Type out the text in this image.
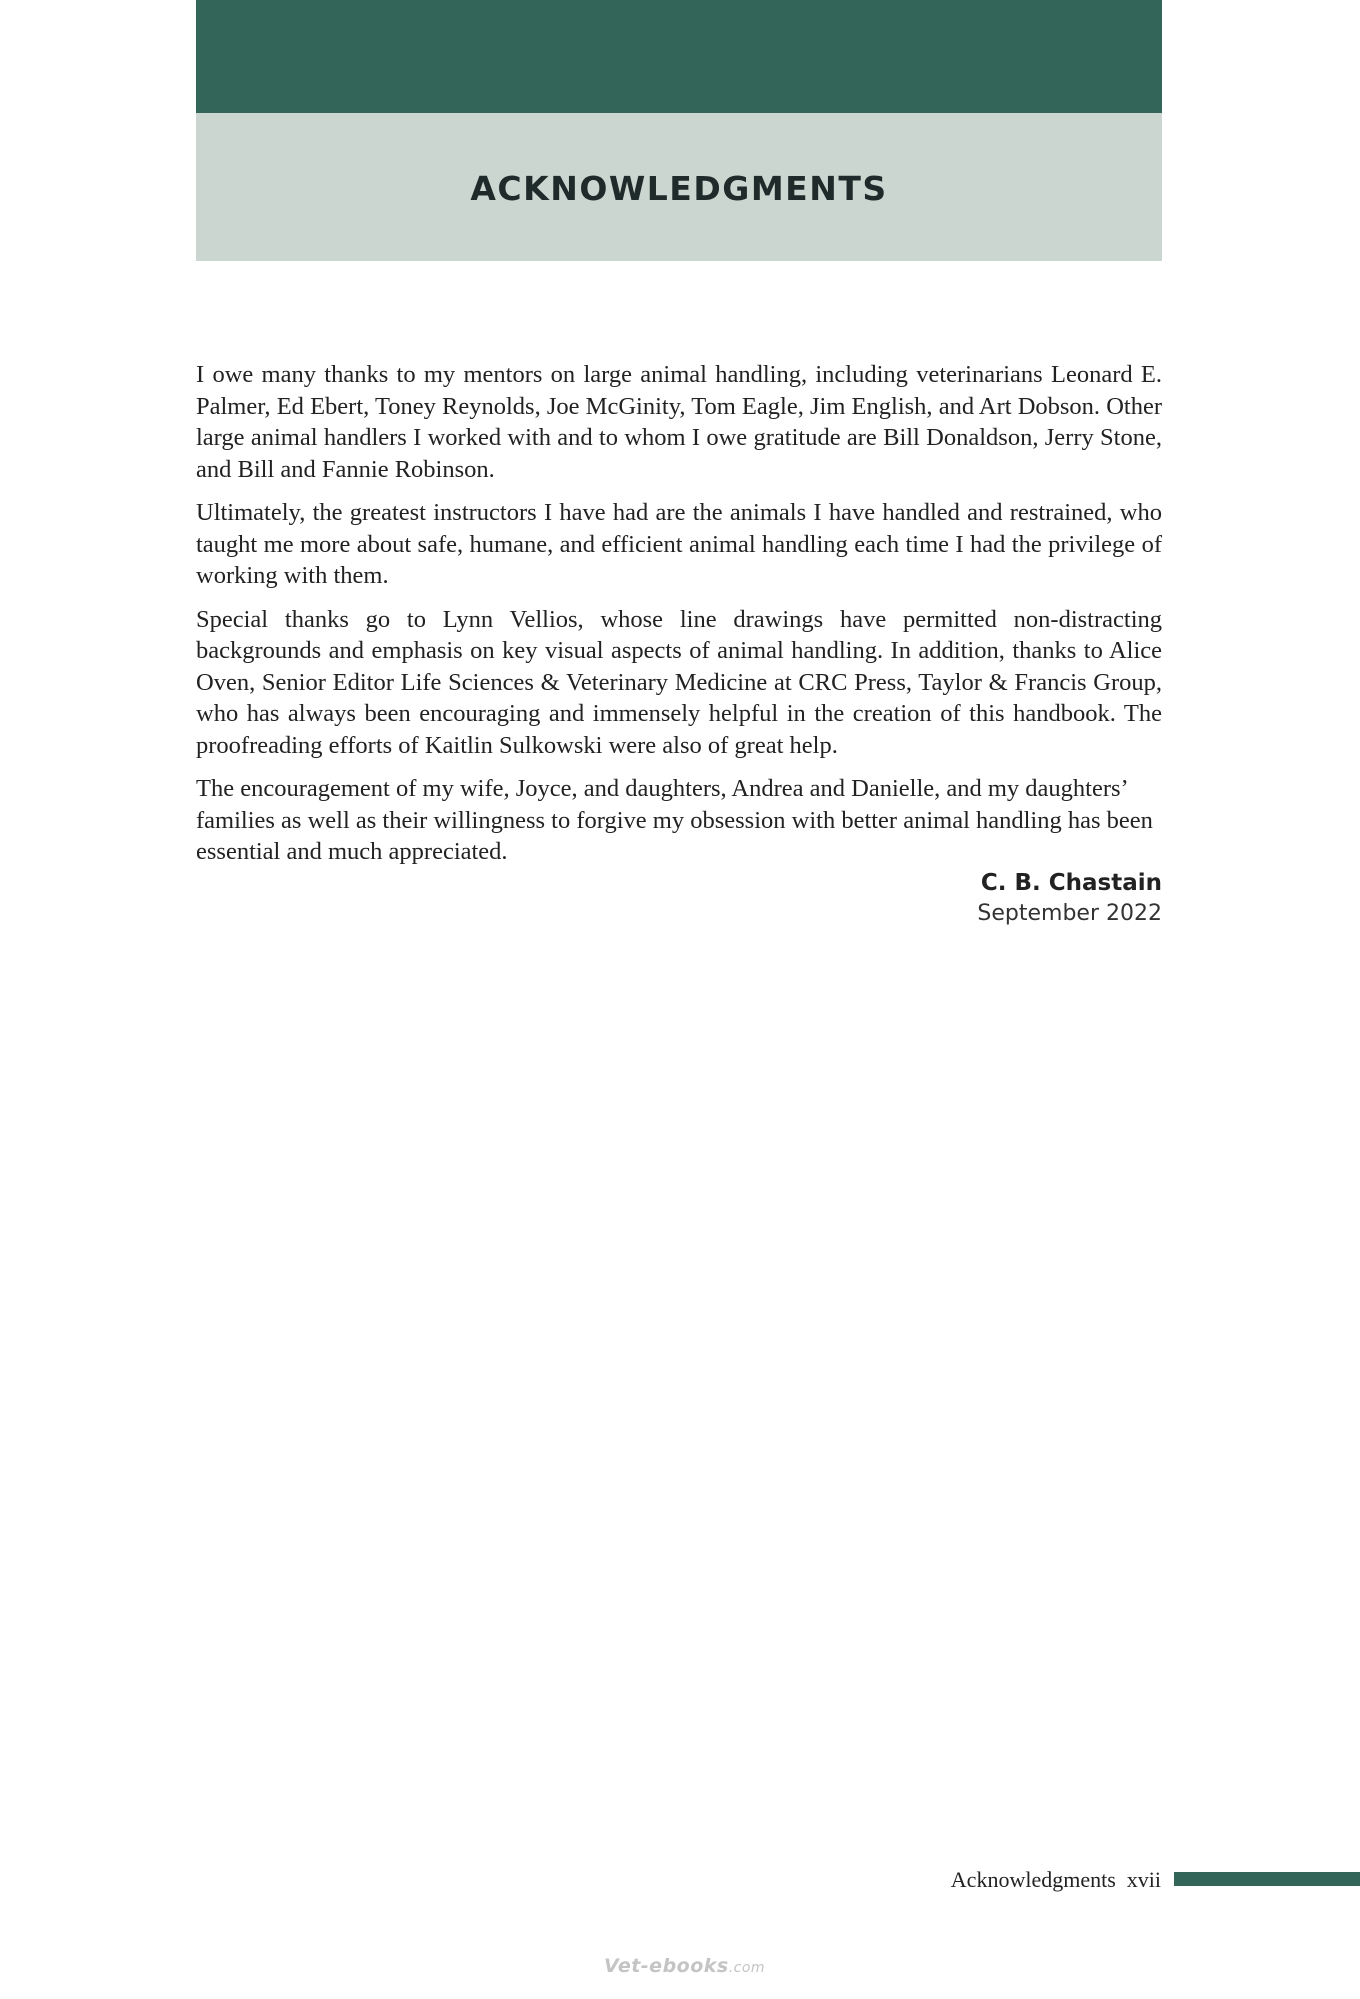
ACKNOWLEDGMENTS

I owe many thanks to my mentors on large animal handling, including veterinarians Leonard E. Palmer, Ed Ebert, Toney Reynolds, Joe McGinity, Tom Eagle, Jim English, and Art Dobson. Other large animal handlers I worked with and to whom I owe gratitude are Bill Donaldson, Jerry Stone, and Bill and Fannie Robinson.

Ultimately, the greatest instructors I have had are the animals I have handled and restrained, who taught me more about safe, humane, and efficient animal handling each time I had the privilege of working with them.

Special thanks go to Lynn Vellios, whose line drawings have permitted non-distracting backgrounds and emphasis on key visual aspects of animal handling. In addition, thanks to Alice Oven, Senior Editor Life Sciences & Veterinary Medicine at CRC Press, Taylor & Francis Group, who has always been encouraging and immensely helpful in the creation of this handbook. The proofreading efforts of Kaitlin Sulkowski were also of great help.

The encouragement of my wife, Joyce, and daughters, Andrea and Danielle, and my daughters’ families as well as their willingness to forgive my obsession with better animal handling has been essential and much appreciated.

C. B. Chastain
September 2022
Acknowledgments  xvii
Vet-ebooks.com
